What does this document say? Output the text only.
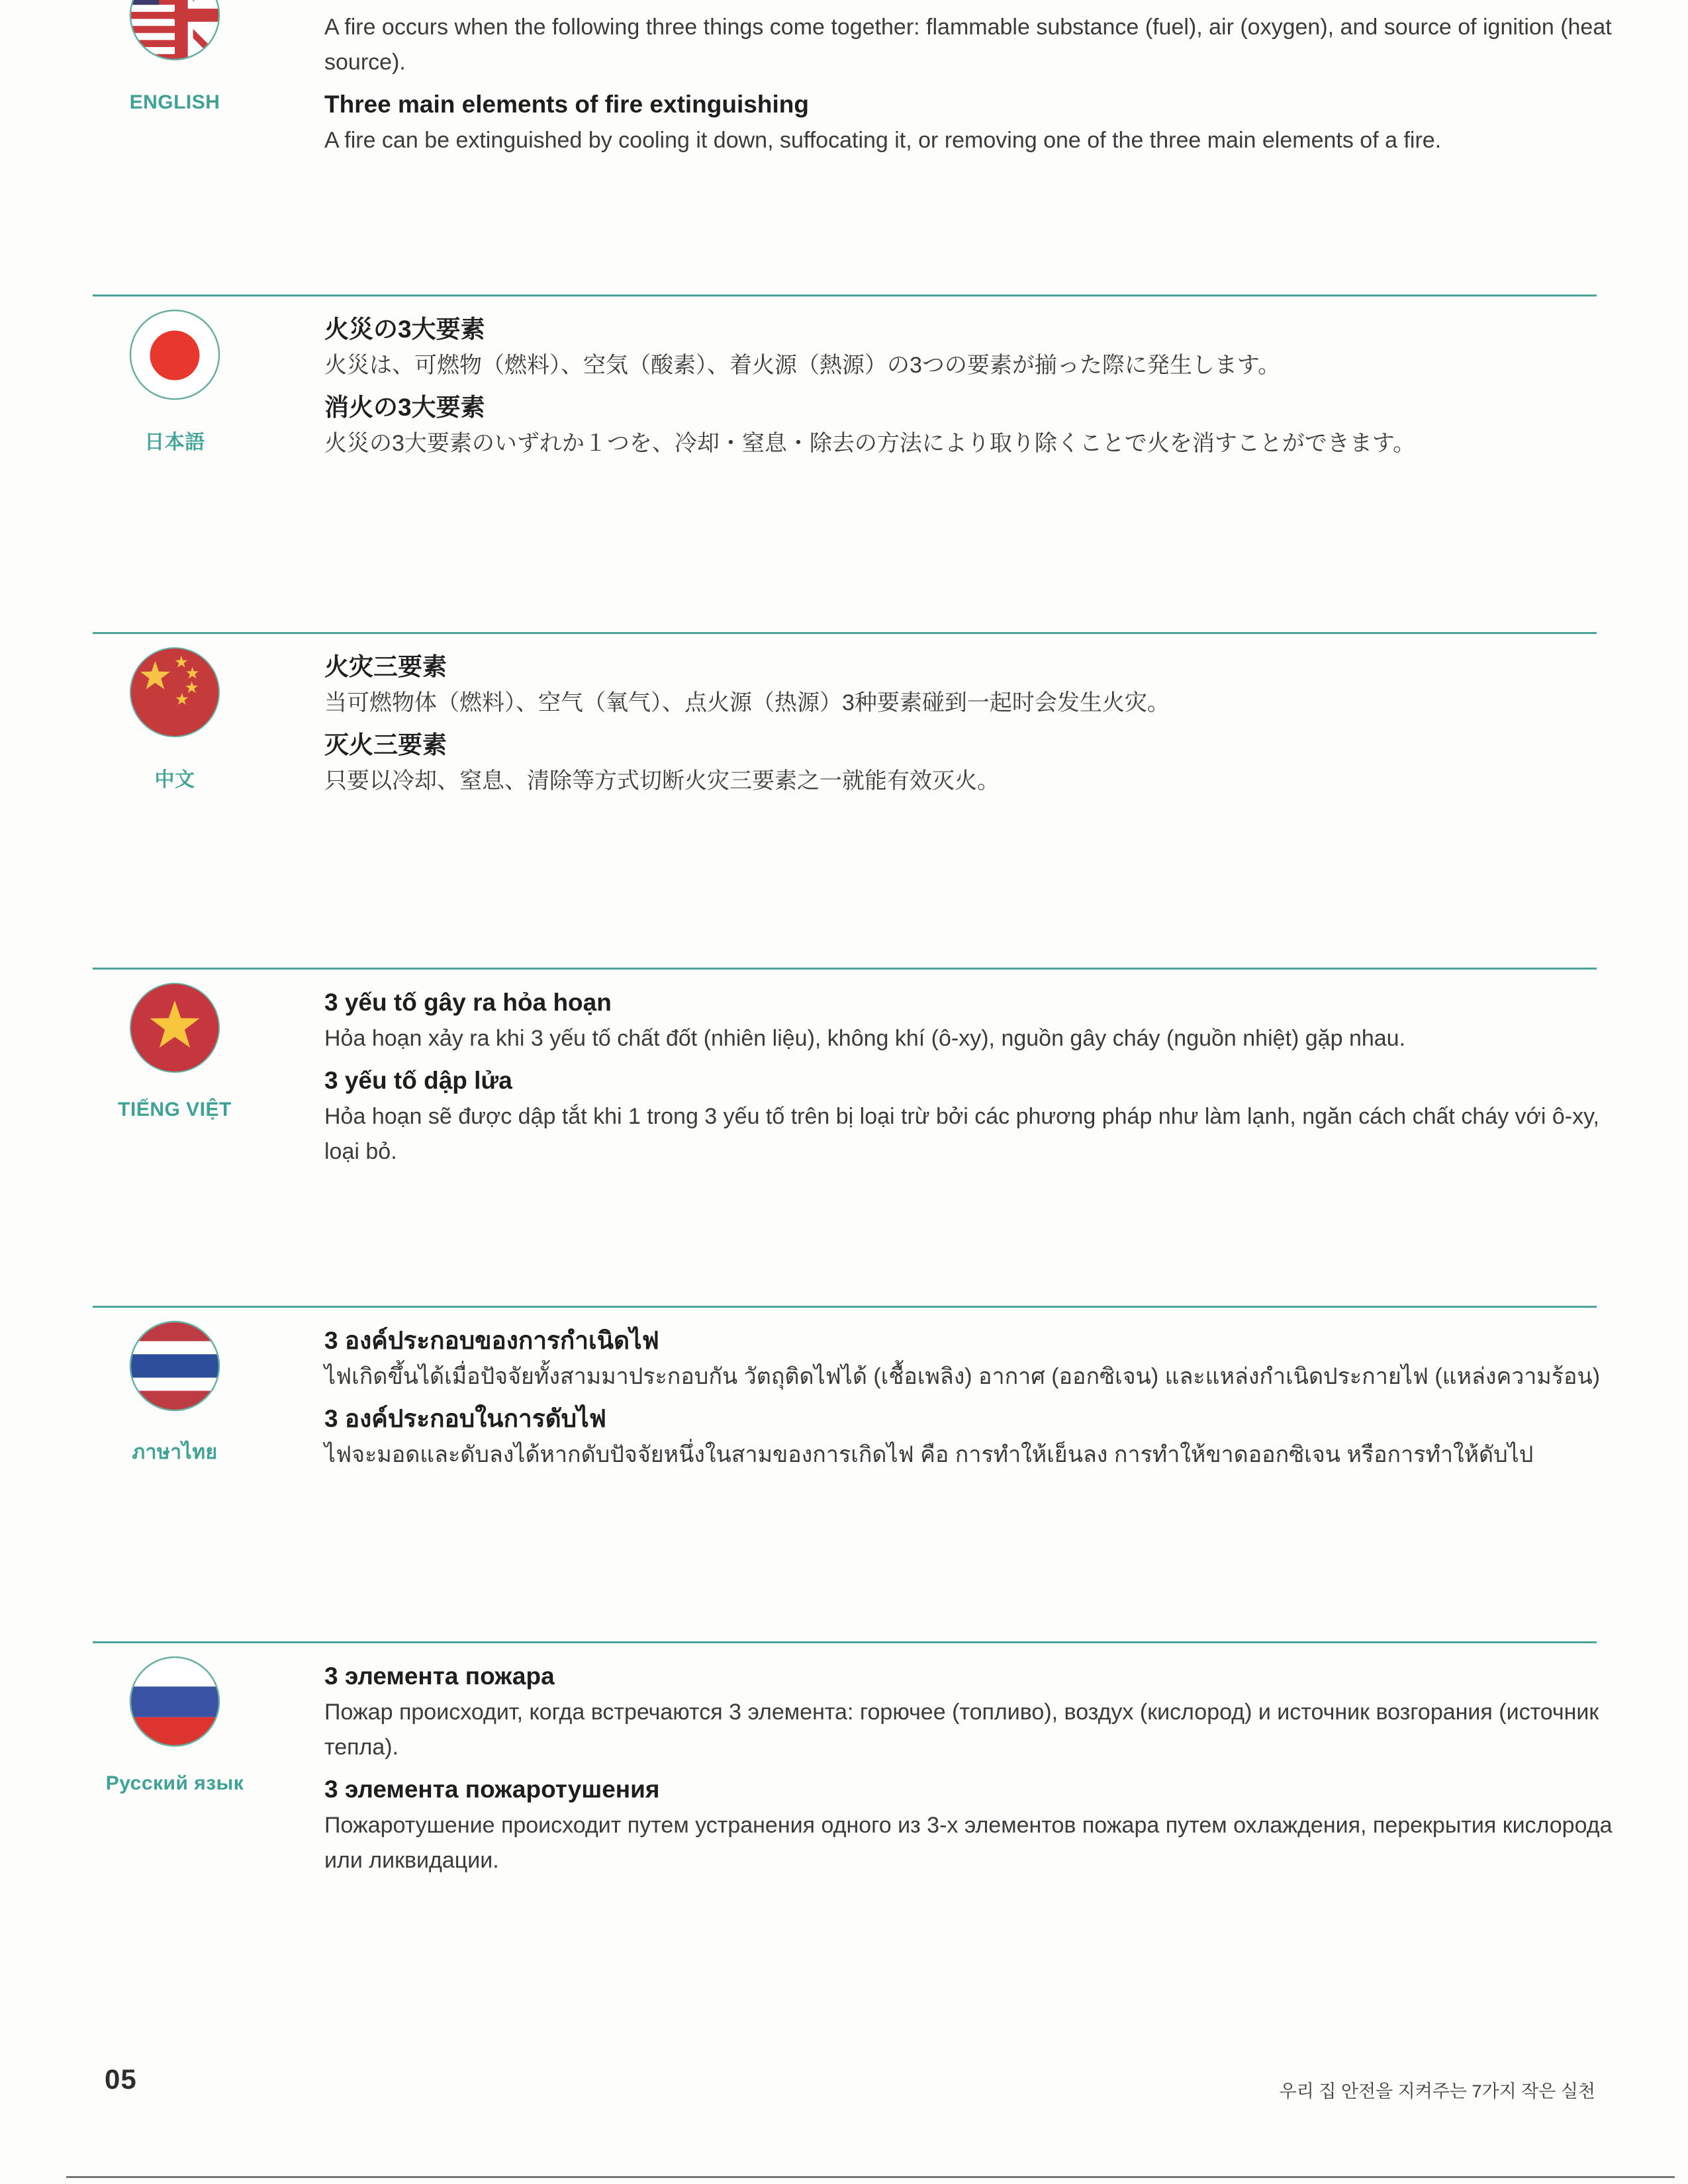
ENGLISH

A fire occurs when the following three things come together: flammable substance (fuel), air (oxygen), and source of ignition (heat source).

Three main elements of fire extinguishing

A fire can be extinguished by cooling it down, suffocating it, or removing one of the three main elements of a fire.

日本語
火災の3大要素

火災は、可燃物（燃料）、空気（酸素）、着火源（熱源）の3つの要素が揃った際に発生します。

消火の3大要素

火災の3大要素のいずれか１つを、冷却・窒息・除去の方法により取り除くことで火を消すことができます。

中文
火灾三要素

当可燃物体（燃料）、空气（氧气）、点火源（热源）3种要素碰到一起时会发生火灾。

灭火三要素

只要以冷却、窒息、清除等方式切断火灾三要素之一就能有效灭火。

TIẾNG VIỆT
3 yếu tố gây ra hỏa hoạn

Hỏa hoạn xảy ra khi 3 yếu tố chất đốt (nhiên liệu), không khí (ô-xy), nguồn gây cháy (nguồn nhiệt) gặp nhau.

3 yếu tố dập lửa

Hỏa hoạn sẽ được dập tắt khi 1 trong 3 yếu tố trên bị loại trừ bởi các phương pháp như làm lạnh, ngăn cách chất cháy với ô-xy, loại bỏ.

ภาษาไทย
3 องค์ประกอบของการกำเนิดไฟ

ไฟเกิดขึ้นได้เมื่อปัจจัยทั้งสามมาประกอบกัน วัตถุติดไฟได้ (เชื้อเพลิง) อากาศ (ออกซิเจน) และแหล่งกำเนิดประกายไฟ (แหล่งความร้อน)

3 องค์ประกอบในการดับไฟ

ไฟจะมอดและดับลงได้หากดับปัจจัยหนึ่งในสามของการเกิดไฟ คือ การทำให้เย็นลง การทำให้ขาดออกซิเจน หรือการทำให้ดับไป

Русский язык
3 элемента пожара

Пожар происходит, когда встречаются 3 элемента: горючее (топливо), воздух (кислород) и источник возгорания (источник тепла).

3 элемента пожаротушения

Пожаротушение происходит путем устранения одного из 3-х элементов пожара путем охлаждения, перекрытия кислорода или ликвидации.

05	우리 집 안전을 지켜주는 7가지 작은 실천
